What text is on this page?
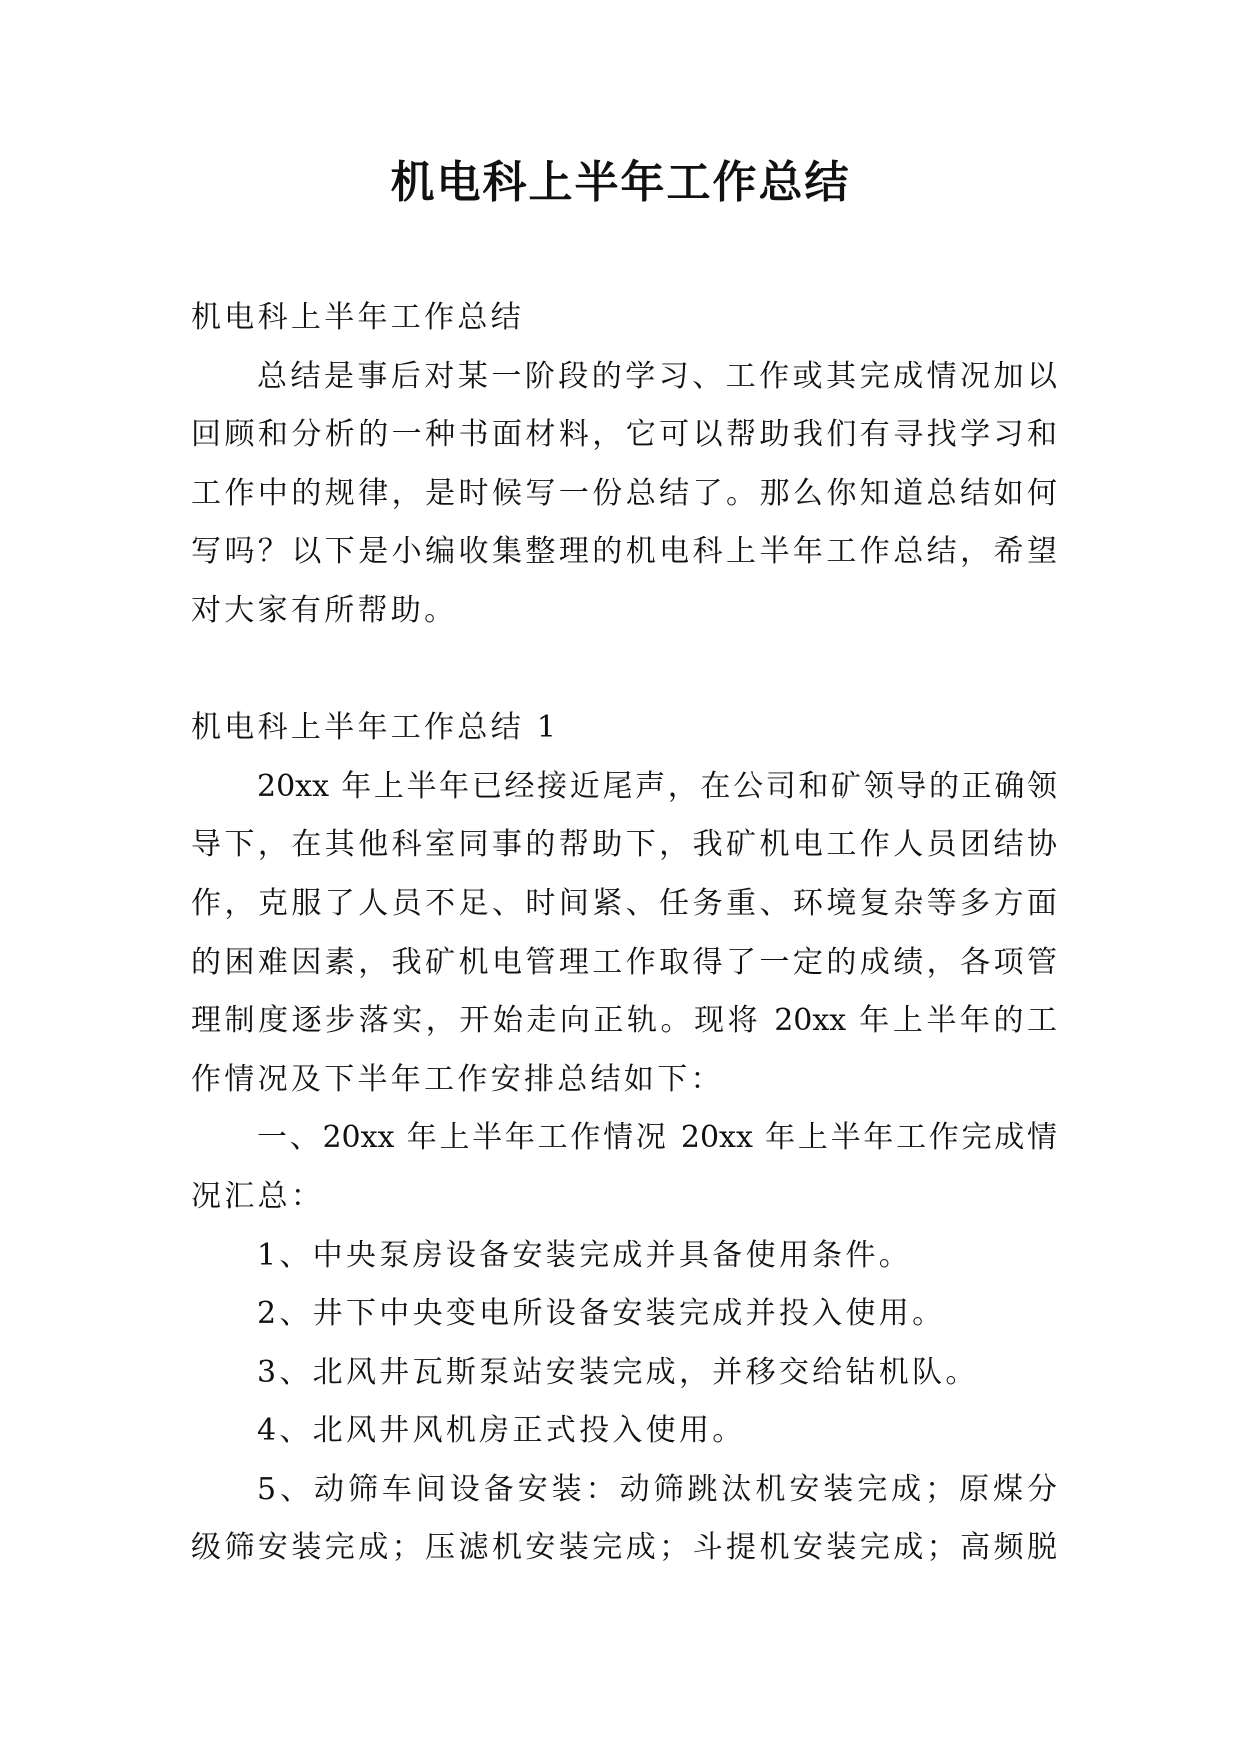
机电科上半年工作总结
机电科上半年工作总结
总结是事后对某一阶段的学习、工作或其完成情况加以
回顾和分析的一种书面材料，它可以帮助我们有寻找学习和
工作中的规律，是时候写一份总结了。那么你知道总结如何
写吗？以下是小编收集整理的机电科上半年工作总结，希望
对大家有所帮助。
机电科上半年工作总结 1
20xx 年上半年已经接近尾声，在公司和矿领导的正确领
导下，在其他科室同事的帮助下，我矿机电工作人员团结协
作，克服了人员不足、时间紧、任务重、环境复杂等多方面
的困难因素，我矿机电管理工作取得了一定的成绩，各项管
理制度逐步落实，开始走向正轨。现将 20xx 年上半年的工
作情况及下半年工作安排总结如下：
一、20xx 年上半年工作情况 20xx 年上半年工作完成情
况汇总：
1、中央泵房设备安装完成并具备使用条件。
2、井下中央变电所设备安装完成并投入使用。
3、北风井瓦斯泵站安装完成，并移交给钻机队。
4、北风井风机房正式投入使用。
5、动筛车间设备安装：动筛跳汰机安装完成；原煤分
级筛安装完成；压滤机安装完成；斗提机安装完成；高频脱
